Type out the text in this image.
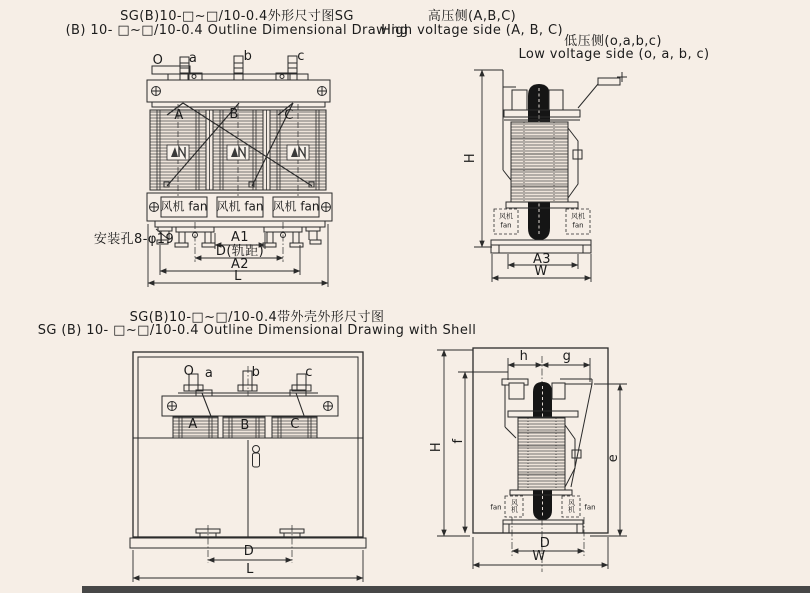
SG(B)10-□~□/10-0.4外形尺寸图SG
(B) 10- □~□/10-0.4 Outline Dimensional Drawing
高压侧(A,B,C)
High voltage side (A, B, C)
低压侧(o,a,b,c)
Low voltage side (o, a, b, c)
O a	b	c
A	B	C
风机 fan 风机 fan 风机 fan
安装孔8-φ19	A1
D(轨距)
A2
L
H
风机
fan
风机
fan
A3
W
SG(B)10-□~□/10-0.4带外壳外形尺寸图
SG (B) 10- □~□/10-0.4 Outline Dimensional Drawing with Shell
O a	b	c
A	B	C
D
L
h	g
H
f
e
fan 风机	风机 fan
D
W
